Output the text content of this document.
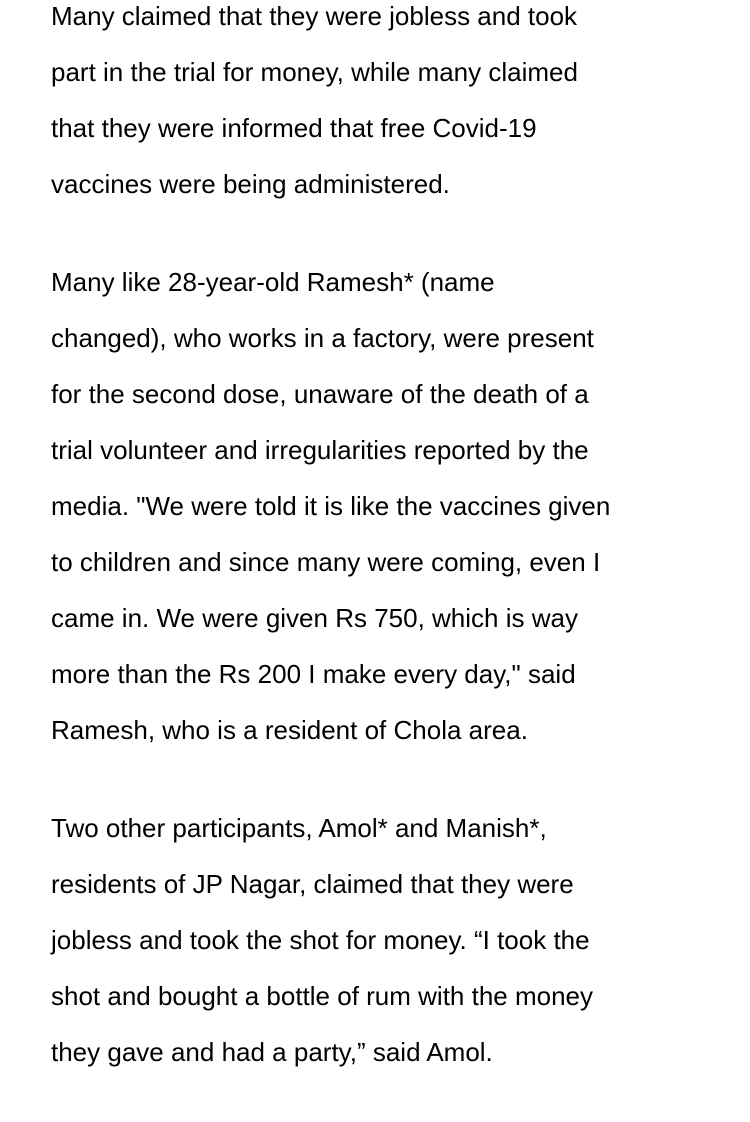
Many claimed that they were jobless and took
part in the trial for money, while many claimed
that they were informed that free Covid-19
vaccines were being administered.

Many like 28-year-old Ramesh* (name
changed), who works in a factory, were present
for the second dose, unaware of the death of a
trial volunteer and irregularities reported by the
media. "We were told it is like the vaccines given
to children and since many were coming, even I
came in. We were given Rs 750, which is way
more than the Rs 200 I make every day," said
Ramesh, who is a resident of Chola area.

Two other participants, Amol* and Manish*,
residents of JP Nagar, claimed that they were
jobless and took the shot for money. “I took the
shot and bought a bottle of rum with the money
they gave and had a party,” said Amol.
